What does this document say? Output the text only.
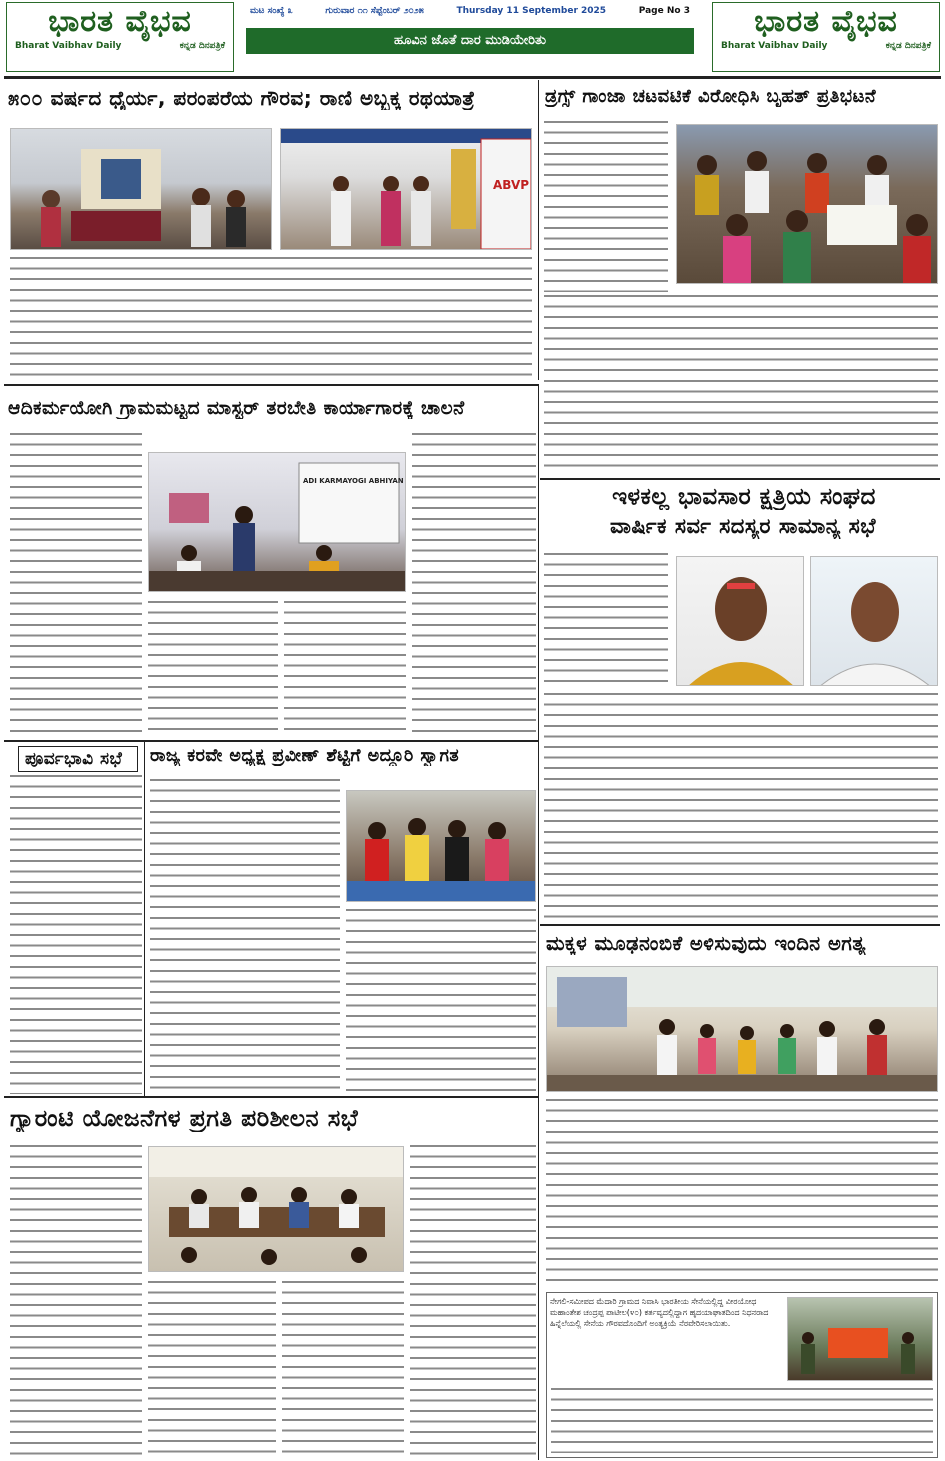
ಭಾರತ ವೈಭವ
Bharat Vaibhav Daily	ಕನ್ನಡ ದಿನಪತ್ರಿಕೆ
ಮಟ ಸಂಖ್ಯೆ ೩	ಗುರುವಾರ ೧೧ ಸೆಪ್ಟೆಂಬರ್ ೨೦೨೫	Thursday 11 September 2025	Page No 3
ಹೂವಿನ ಜೊತೆ ದಾರ ಮುಡಿಯೇರಿತು
ಭಾರತ ವೈಭವ
Bharat Vaibhav Daily	ಕನ್ನಡ ದಿನಪತ್ರಿಕೆ
೫೦೦ ವರ್ಷದ ಧೈರ್ಯ, ಪರಂಪರೆಯ ಗೌರವ; ರಾಣಿ ಅಬ್ಬಕ್ಕ ರಥಯಾತ್ರೆ
ABVP
ಡ್ರಗ್ಸ್ ಗಾಂಜಾ ಚಟವಟಿಕೆ ವಿರೋಧಿಸಿ ಬೃಹತ್ ಪ್ರತಿಭಟನೆ
ಆದಿಕರ್ಮಯೋಗಿ ಗ್ರಾಮಮಟ್ಟದ ಮಾಸ್ಟರ್ ತರಬೇತಿ ಕಾರ್ಯಾಗಾರಕ್ಕೆ ಚಾಲನೆ
ADI KARMAYOGI ABHIYAN
ಇಳಕಲ್ಲ ಭಾವಸಾರ ಕ್ಷತ್ರಿಯ ಸಂಘದ
ವಾರ್ಷಿಕ ಸರ್ವ ಸದಸ್ಯರ ಸಾಮಾನ್ಯ ಸಭೆ
ಪೂರ್ವಭಾವಿ ಸಭೆ	ರಾಜ್ಯ ಕರವೇ ಅಧ್ಯಕ್ಷ ಪ್ರವೀಣ್ ಶೆಟ್ಟಿಗೆ ಅದ್ಧೂರಿ ಸ್ವಾಗತ
ಮಕ್ಕಳ ಮೂಢನಂಬಿಕೆ ಅಳಿಸುವುದು ಇಂದಿನ ಅಗತ್ಯ
ಗ್ಯಾರಂಟಿ ಯೋಜನೆಗಳ ಪ್ರಗತಿ ಪರಿಶೀಲನ ಸಭೆ
ನೇಗಲಿ-ಸಮೀಪದ ಮೆದಾರಿ ಗ್ರಾಮದ ನಿವಾಸಿ ಭಾರತೀಯ ಸೇನೆಯಲ್ಲಿದ್ದ ವೀರಯೋಧ ಮಹಾಂತೇಶ ಚಂದ್ರಪ್ಪ ಪಾಟೀಲ(೪೦) ಕರ್ತವ್ಯದಲ್ಲಿದ್ದಾಗ ಹೃದಯಾಘಾತದಿಂದ ನಿಧನರಾದ ಹಿನ್ನೆಲೆಯಲ್ಲಿ ಸೇನೆಯ ಗೌರವದೊಂದಿಗೆ ಅಂತ್ಯಕ್ರಿಯೆ ನೆರವೇರಿಸಲಾಯಿತು.
